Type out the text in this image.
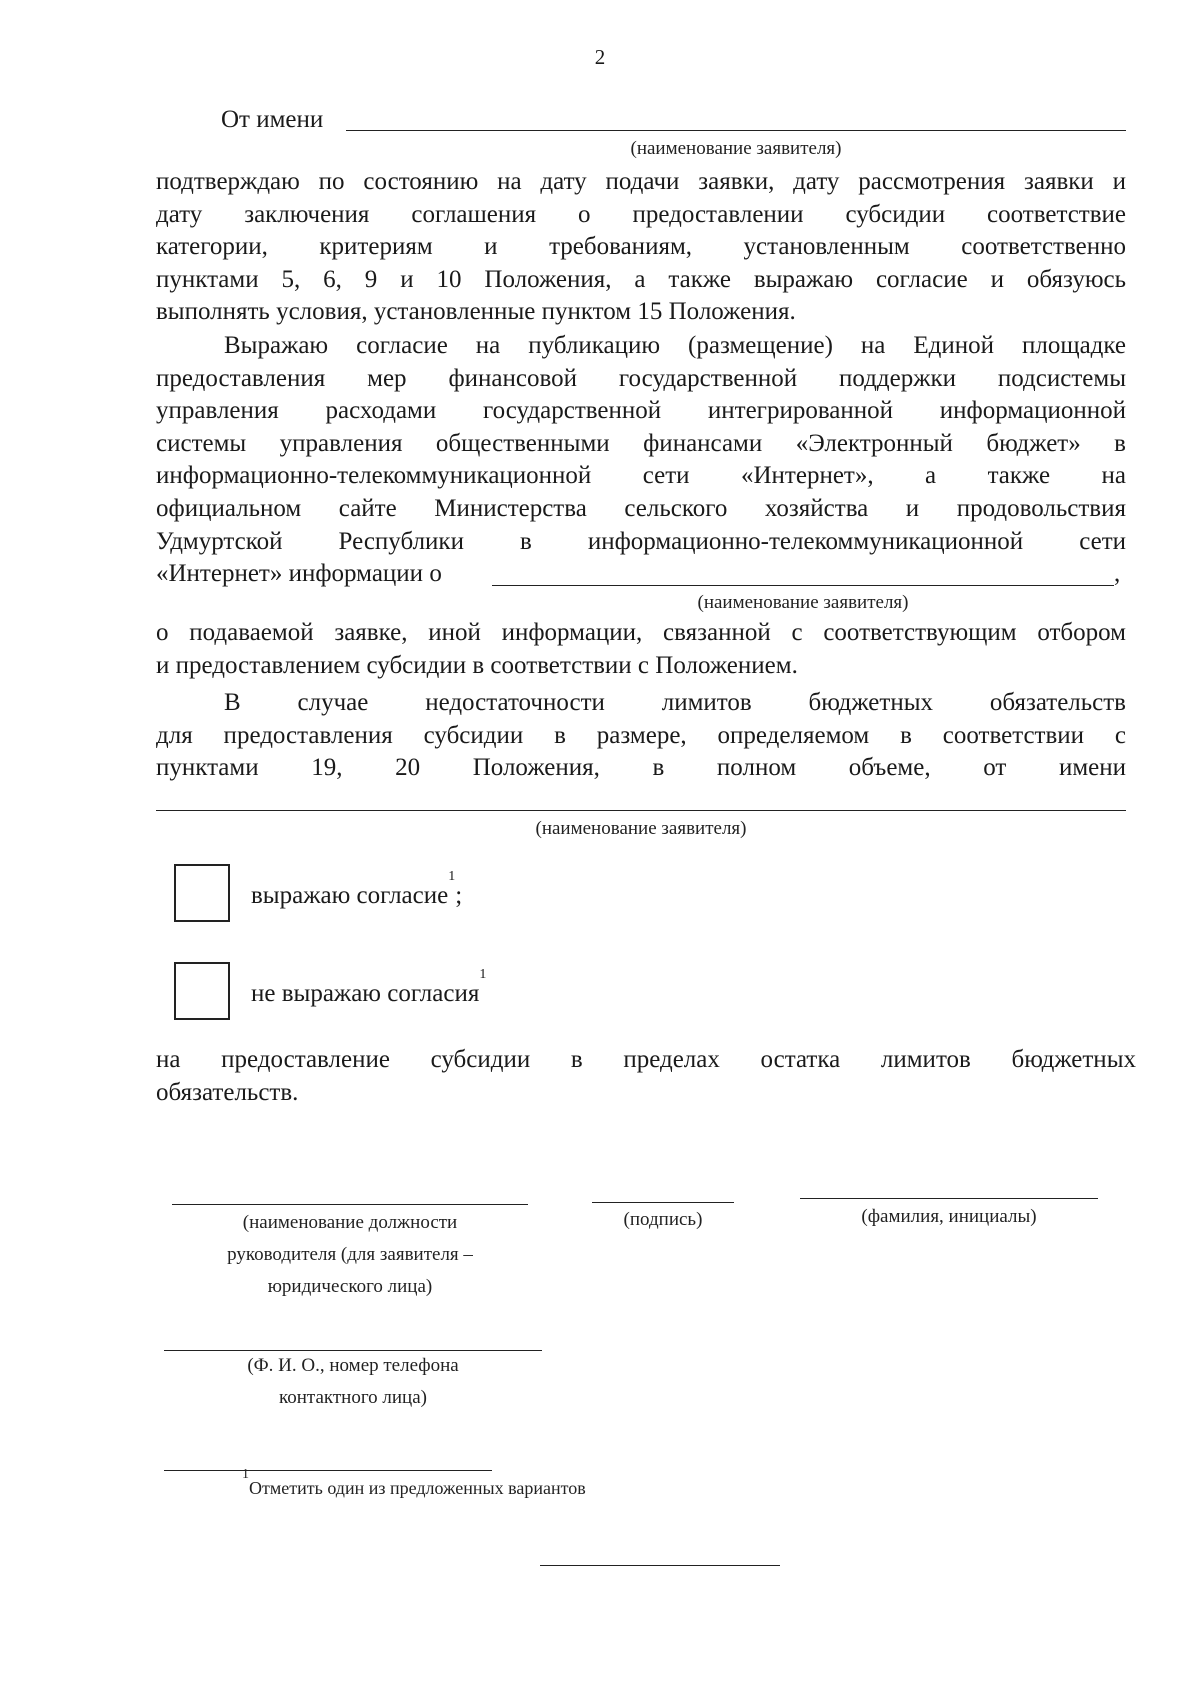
2
От имени
(наименование заявителя)
подтверждаю по состоянию на дату подачи заявки, дату рассмотрения заявки и
дату заключения соглашения о предоставлении субсидии соответствие
категории, критериям и требованиям, установленным соответственно
пунктами 5, 6, 9 и 10 Положения, а также выражаю согласие и обязуюсь
выполнять условия, установленные пунктом 15 Положения.
Выражаю согласие на публикацию (размещение) на Единой площадке
предоставления мер финансовой государственной поддержки подсистемы
управления расходами государственной интегрированной информационной
системы управления общественными финансами «Электронный бюджет» в
информационно-телекоммуникационной сети «Интернет», а также на
официальном сайте Министерства сельского хозяйства и продовольствия
Удмуртской Республики в информационно-телекоммуникационной сети
«Интернет» информации о	,
(наименование заявителя)
о подаваемой заявке, иной информации, связанной с соответствующим отбором
и предоставлением субсидии в соответствии с Положением.
В случае недостаточности лимитов бюджетных обязательств
для предоставления субсидии в размере, определяемом в соответствии с
пунктами 19, 20 Положения, в полном объеме, от имени
(наименование заявителя)
выражаю согласие$^1$;
не выражаю согласия$^1$
на предоставление субсидии в пределах остатка лимитов бюджетных
обязательств.
(наименование должности
руководителя (для заявителя –
юридического лица)
(подпись)	(фамилия, инициалы)
(Ф. И. О., номер телефона
контактного лица)
$^1$Отметить один из предложенных вариантов
